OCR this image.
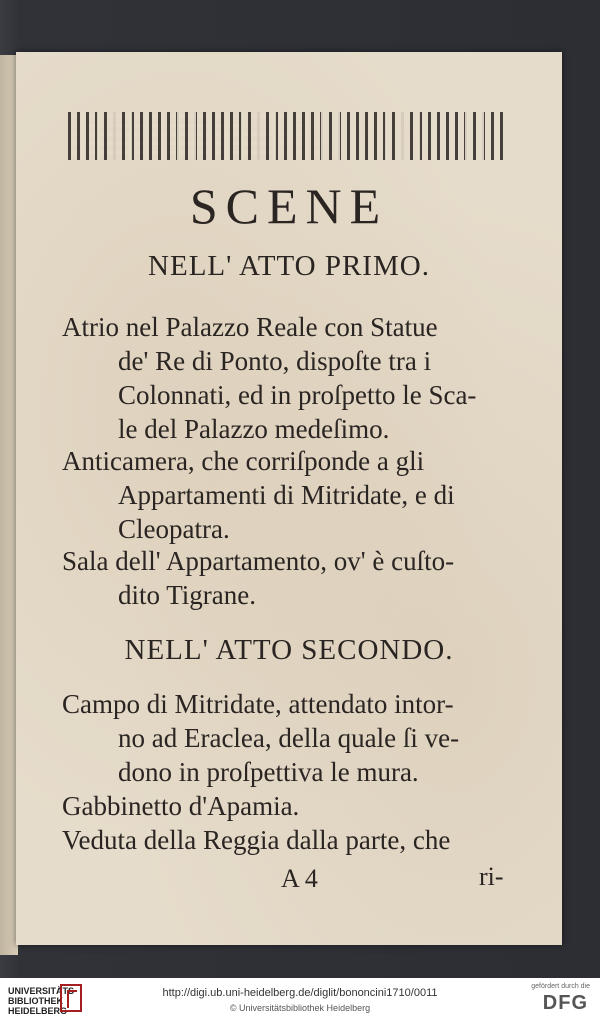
SCENE
NELL' ATTO PRIMO.
Atrio nel Palazzo Reale con Statue
de' Re di Ponto, dispoſte tra i
Colonnati, ed in proſpetto le Sca-
le del Palazzo medeſimo.
Anticamera, che corriſponde a gli
Appartamenti di Mitridate, e di
Cleopatra.
Sala dell' Appartamento, ov' è cuſto-
dito Tigrane.
NELL' ATTO SECONDO.
Campo di Mitridate, attendato intor-
no ad Eraclea, della quale ſi ve-
dono in proſpettiva le mura.
Gabbinetto d'Apamia.
Veduta della Reggia dalla parte, che
A 4	ri-
UNIVERSITÄTS-
BIBLIOTHEK
HEIDELBERG
http://digi.ub.uni-heidelberg.de/diglit/bononcini1710/0011
© Universitätsbibliothek Heidelberg
gefördert durch die
DFG
